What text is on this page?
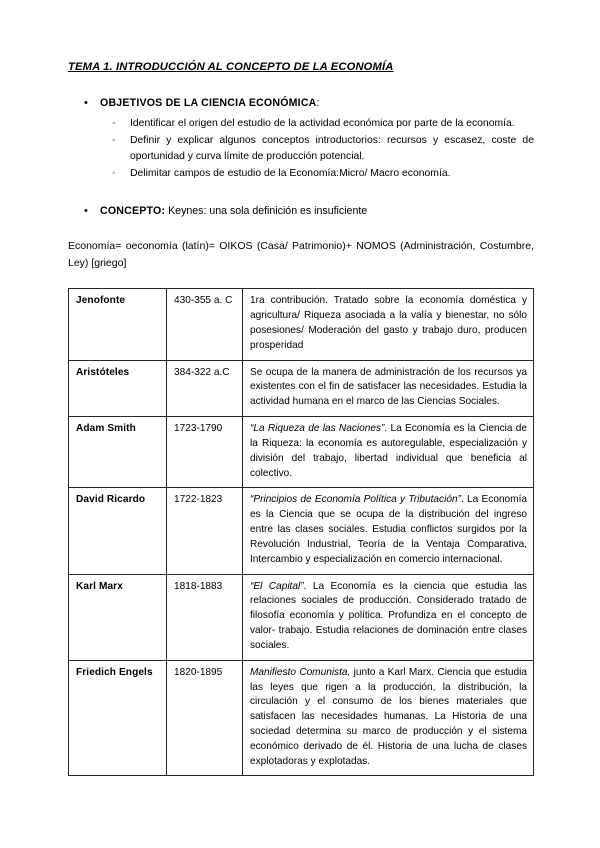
TEMA 1. INTRODUCCIÓN AL CONCEPTO DE LA ECONOMÍA
• OBJETIVOS DE LA CIENCIA ECONÓMICA:
◦ Identificar el origen del estudio de la actividad económica por parte de la economía.
◦ Definir y explicar algunos conceptos introductorios: recursos y escasez, coste de oportunidad y curva límite de producción potencial.
◦ Delimitar campos de estudio de la Economía:Micro/ Macro economía.
• CONCEPTO: Keynes: una sola definición es insuficiente

Economía= oeconomía (latín)= OIKOS (Casa/ Patrimonio)+ NOMOS (Administración, Costumbre, Ley) [griego]

Jenofonte	430-355 a. C	1ra contribución. Tratado sobre la economía doméstica y agricultura/ Riqueza asociada a la valía y bienestar, no sólo posesiones/ Moderación del gasto y trabajo duro, producen prosperidad
Aristóteles	384-322 a.C	Se ocupa de la manera de administración de los recursos ya existentes con el fin de satisfacer las necesidades. Estudia la actividad humana en el marco de las Ciencias Sociales.
Adam Smith	1723-1790	“La Riqueza de las Naciones”. La Economía es la Ciencia de la Riqueza: la economía es autoregulable, especialización y división del trabajo, libertad individual que beneficia al colectivo.
David Ricardo	1722-1823	“Principios de Economía Política y Tributación”. La Economía es la Ciencia que se ocupa de la distribución del ingreso entre las clases sociales. Estudia conflictos surgidos por la Revolución Industrial, Teoría de la Ventaja Comparativa, Intercambio y especialización en comercio internacional.
Karl Marx	1818-1883	“El Capital”. La Economía es la ciencia que estudia las relaciones sociales de producción. Considerado tratado de filosofía economía y política. Profundiza en el concepto de valor- trabajo. Estudia relaciones de dominación entre clases sociales.
Friedich Engels	1820-1895	Manifiesto Comunista, junto a Karl Marx. Ciencia que estudia las leyes que rigen a la producción, la distribución, la circulación y el consumo de los bienes materiales que satisfacen las necesidades humanas. La Historia de una sociedad determina su marco de producción y el sistema económico derivado de él. Historia de una lucha de clases explotadoras y explotadas.
